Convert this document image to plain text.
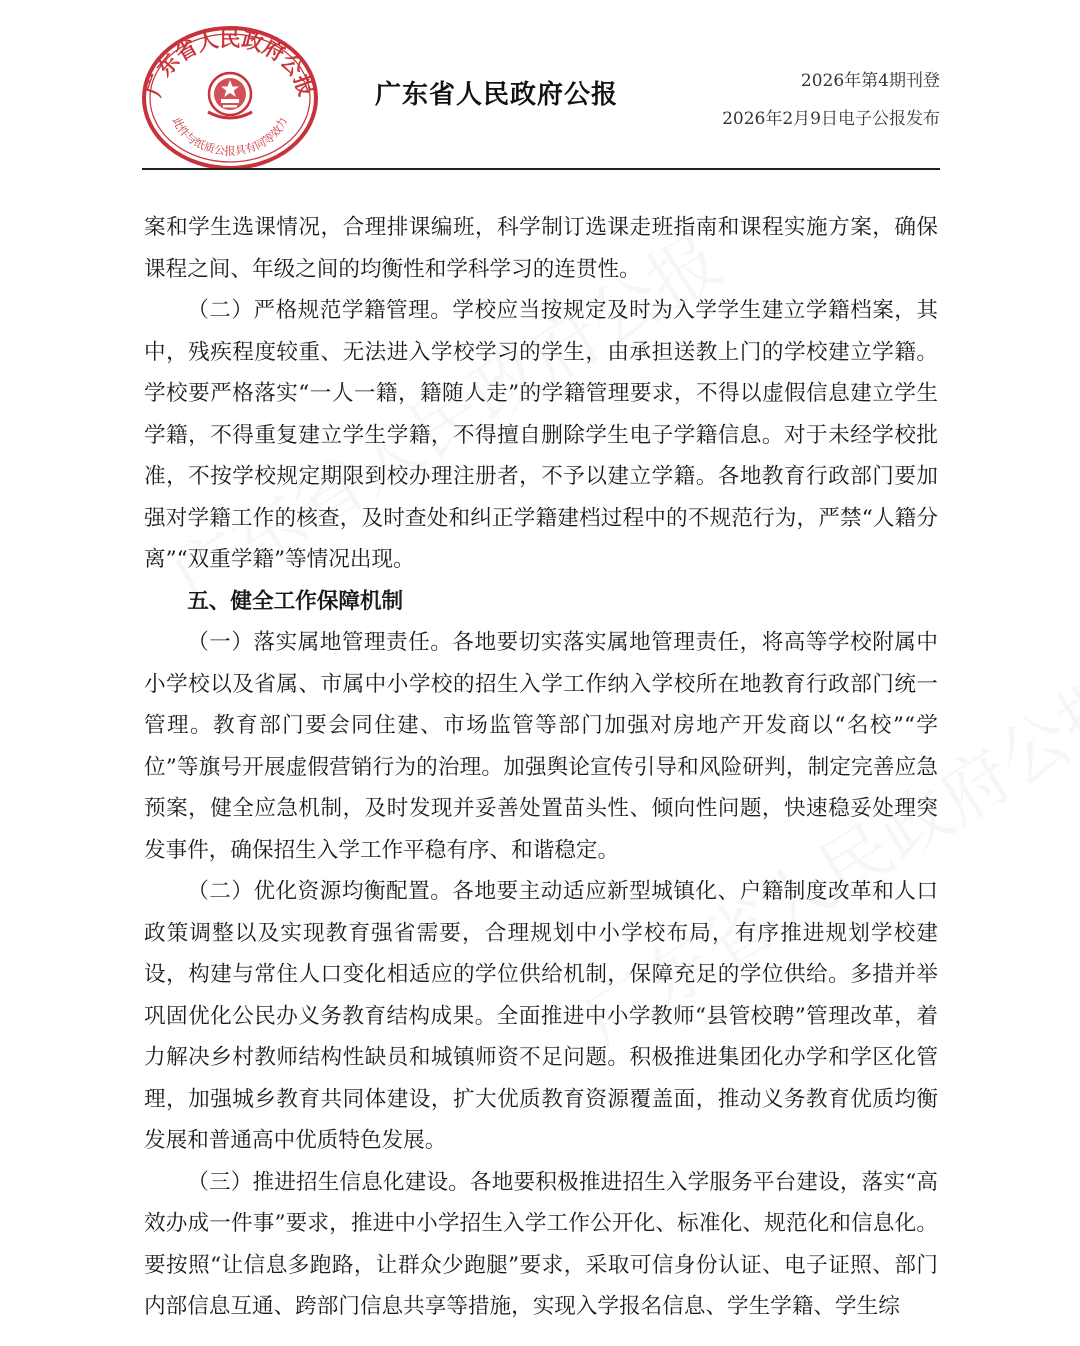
广东省人民政府公报
此件与纸质公报具有同等效力
广东省人民政府公报	2026年第4期刊登
2026年2月9日电子公报发布

案和学生选课情况，合理排课编班，科学制订选课走班指南和课程实施方案，确保课程之间、年级之间的均衡性和学科学习的连贯性。

（二）严格规范学籍管理。学校应当按规定及时为入学学生建立学籍档案，其中，残疾程度较重、无法进入学校学习的学生，由承担送教上门的学校建立学籍。学校要严格落实“一人一籍，籍随人走”的学籍管理要求，不得以虚假信息建立学生学籍，不得重复建立学生学籍，不得擅自删除学生电子学籍信息。对于未经学校批准，不按学校规定期限到校办理注册者，不予以建立学籍。各地教育行政部门要加强对学籍工作的核查，及时查处和纠正学籍建档过程中的不规范行为，严禁“人籍分离”“双重学籍”等情况出现。

五、健全工作保障机制

（一）落实属地管理责任。各地要切实落实属地管理责任，将高等学校附属中小学校以及省属、市属中小学校的招生入学工作纳入学校所在地教育行政部门统一管理。教育部门要会同住建、市场监管等部门加强对房地产开发商以“名校”“学位”等旗号开展虚假营销行为的治理。加强舆论宣传引导和风险研判，制定完善应急预案，健全应急机制，及时发现并妥善处置苗头性、倾向性问题，快速稳妥处理突发事件，确保招生入学工作平稳有序、和谐稳定。

（二）优化资源均衡配置。各地要主动适应新型城镇化、户籍制度改革和人口政策调整以及实现教育强省需要，合理规划中小学校布局，有序推进规划学校建设，构建与常住人口变化相适应的学位供给机制，保障充足的学位供给。多措并举巩固优化公民办义务教育结构成果。全面推进中小学教师“县管校聘”管理改革，着力解决乡村教师结构性缺员和城镇师资不足问题。积极推进集团化办学和学区化管理，加强城乡教育共同体建设，扩大优质教育资源覆盖面，推动义务教育优质均衡发展和普通高中优质特色发展。

（三）推进招生信息化建设。各地要积极推进招生入学服务平台建设，落实“高效办成一件事”要求，推进中小学招生入学工作公开化、标准化、规范化和信息化。要按照“让信息多跑路，让群众少跑腿”要求，采取可信身份认证、电子证照、部门内部信息互通、跨部门信息共享等措施，实现入学报名信息、学生学籍、学生综
